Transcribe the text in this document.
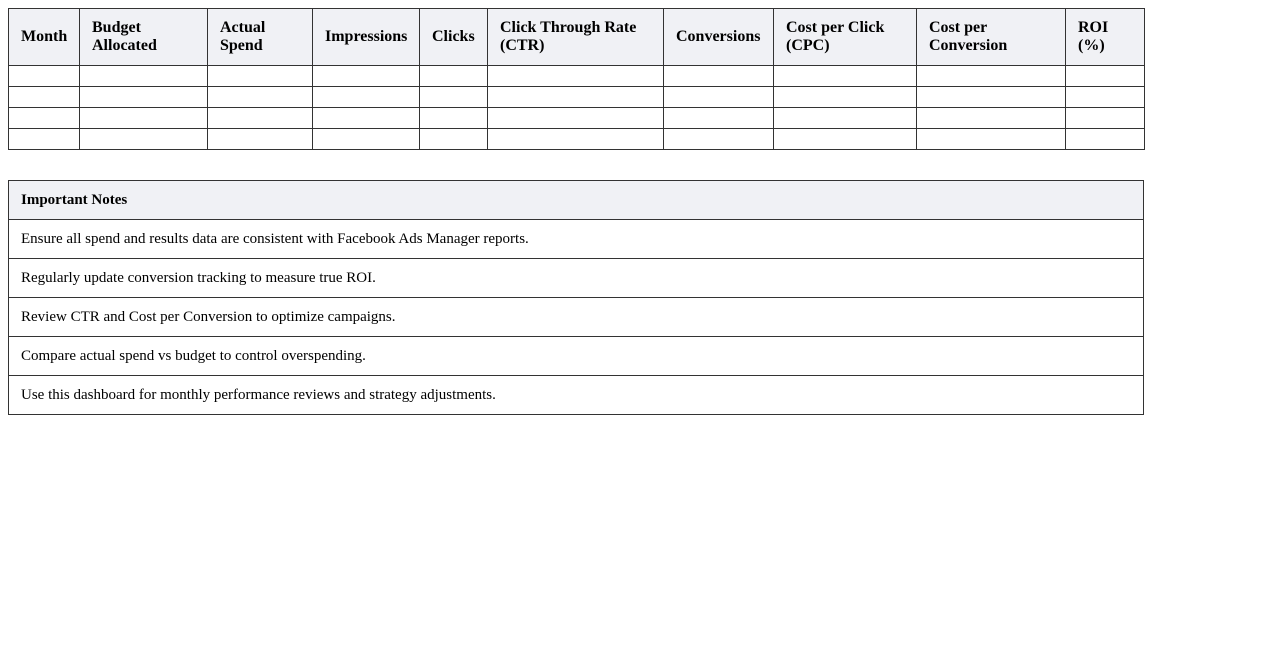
Month	Budget Allocated	Actual Spend	Impressions	Clicks	Click Through Rate (CTR)	Conversions	Cost per Click (CPC)	Cost per Conversion	ROI (%)

Important Notes
Ensure all spend and results data are consistent with Facebook Ads Manager reports.
Regularly update conversion tracking to measure true ROI.
Review CTR and Cost per Conversion to optimize campaigns.
Compare actual spend vs budget to control overspending.
Use this dashboard for monthly performance reviews and strategy adjustments.
